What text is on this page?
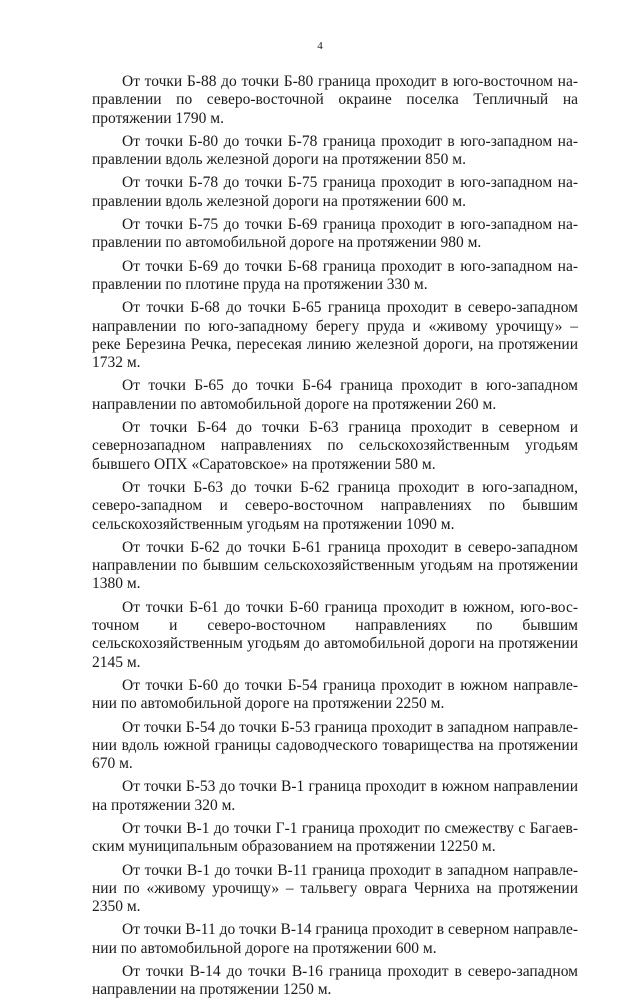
4

От точки Б-88 до точки Б-80 граница проходит в юго-восточном направлении по северо-восточной окраине поселка Тепличный на протяжении 1790 м.

От точки Б-80 до точки Б-78 граница проходит в юго-западном направлении вдоль железной дороги на протяжении 850 м.

От точки Б-78 до точки Б-75 граница проходит в юго-западном направлении вдоль железной дороги на протяжении 600 м.

От точки Б-75 до точки Б-69 граница проходит в юго-западном направлении по автомобильной дороге на протяжении 980 м.

От точки Б-69 до точки Б-68 граница проходит в юго-западном направлении по плотине пруда на протяжении 330 м.

От точки Б-68 до точки Б-65 граница проходит в северо-западном направлении по юго-западному берегу пруда и «живому урочищу» – реке Березина Речка, пересекая линию железной дороги, на протяжении 1732 м.

От точки Б-65 до точки Б-64 граница проходит в юго-западном направлении по автомобильной дороге на протяжении 260 м.

От точки Б-64 до точки Б-63 граница проходит в северном и севернозападном направлениях по сельскохозяйственным угодьям бывшего ОПХ «Саратовское» на протяжении 580 м.

От точки Б-63 до точки Б-62 граница проходит в юго-западном, северо-западном и северо-восточном направлениях по бывшим сельскохозяйственным угодьям на протяжении 1090 м.

От точки Б-62 до точки Б-61 граница проходит в северо-западном направлении по бывшим сельскохозяйственным угодьям на протяжении 1380 м.

От точки Б-61 до точки Б-60 граница проходит в южном, юго-восточном и северо-восточном направлениях по бывшим сельскохозяйственным угодьям до автомобильной дороги на протяжении 2145 м.

От точки Б-60 до точки Б-54 граница проходит в южном направлении по автомобильной дороге на протяжении 2250 м.

От точки Б-54 до точки Б-53 граница проходит в западном направлении вдоль южной границы садоводческого товарищества на протяжении 670 м.

От точки Б-53 до точки В-1 граница проходит в южном направлении на протяжении 320 м.

От точки В-1 до точки Г-1 граница проходит по смежеству с Багаевским муниципальным образованием на протяжении 12250 м.

От точки В-1 до точки В-11 граница проходит в западном направлении по «живому урочищу» – тальвегу оврага Черниха на протяжении 2350 м.

От точки В-11 до точки В-14 граница проходит в северном направлении по автомобильной дороге на протяжении 600 м.

От точки В-14 до точки В-16 граница проходит в северо-западном направлении на протяжении 1250 м.
